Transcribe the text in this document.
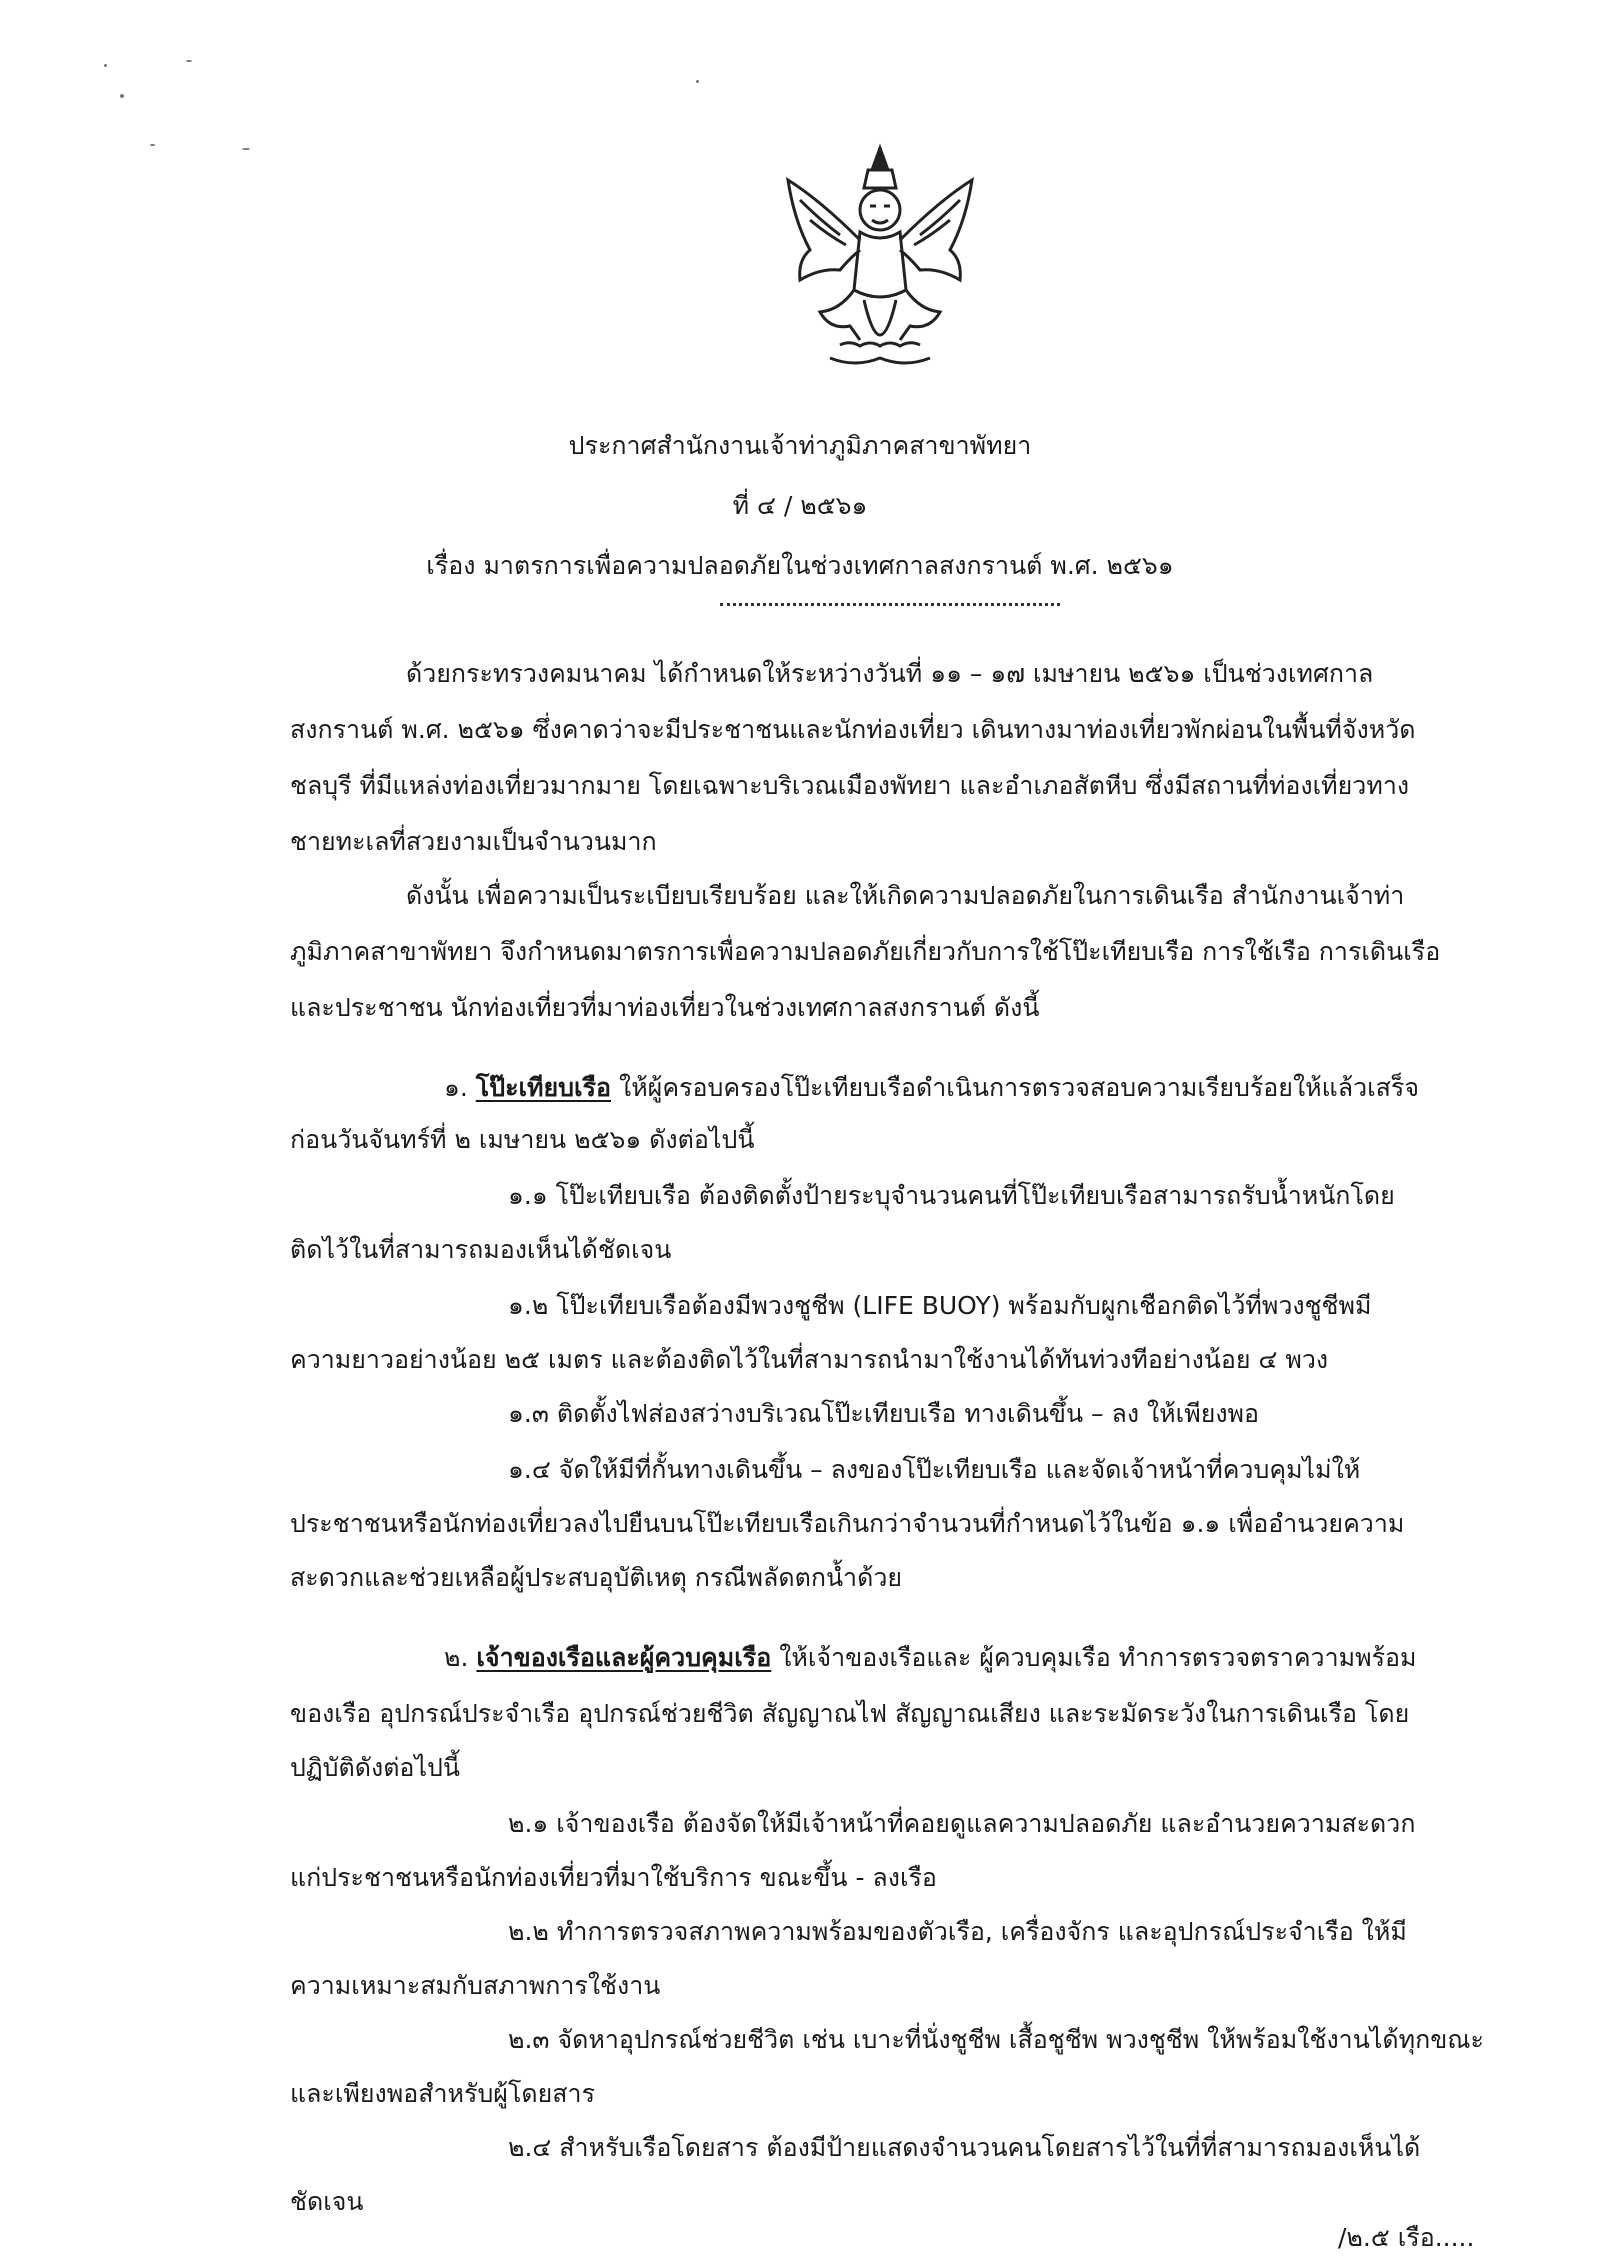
ประกาศสำนักงานเจ้าท่าภูมิภาคสาขาพัทยา
ที่ ๔ / ๒๕๖๑
เรื่อง มาตรการเพื่อความปลอดภัยในช่วงเทศกาลสงกรานต์ พ.ศ. ๒๕๖๑
ด้วยกระทรวงคมนาคม ได้กำหนดให้ระหว่างวันที่ ๑๑ – ๑๗ เมษายน ๒๕๖๑ เป็นช่วงเทศกาล
สงกรานต์ พ.ศ. ๒๕๖๑ ซึ่งคาดว่าจะมีประชาชนและนักท่องเที่ยว เดินทางมาท่องเที่ยวพักผ่อนในพื้นที่จังหวัด
ชลบุรี ที่มีแหล่งท่องเที่ยวมากมาย โดยเฉพาะบริเวณเมืองพัทยา และอำเภอสัตหีบ ซึ่งมีสถานที่ท่องเที่ยวทาง
ชายทะเลที่สวยงามเป็นจำนวนมาก
ดังนั้น เพื่อความเป็นระเบียบเรียบร้อย และให้เกิดความปลอดภัยในการเดินเรือ สำนักงานเจ้าท่า
ภูมิภาคสาขาพัทยา จึงกำหนดมาตรการเพื่อความปลอดภัยเกี่ยวกับการใช้โป๊ะเทียบเรือ การใช้เรือ การเดินเรือ
และประชาชน นักท่องเที่ยวที่มาท่องเที่ยวในช่วงเทศกาลสงกรานต์ ดังนี้
๑. โป๊ะเทียบเรือ ให้ผู้ครอบครองโป๊ะเทียบเรือดำเนินการตรวจสอบความเรียบร้อยให้แล้วเสร็จ
ก่อนวันจันทร์ที่ ๒ เมษายน ๒๕๖๑ ดังต่อไปนี้
๑.๑ โป๊ะเทียบเรือ ต้องติดตั้งป้ายระบุจำนวนคนที่โป๊ะเทียบเรือสามารถรับน้ำหนักโดย
ติดไว้ในที่สามารถมองเห็นได้ชัดเจน
๑.๒ โป๊ะเทียบเรือต้องมีพวงชูชีพ (LIFE BUOY) พร้อมกับผูกเชือกติดไว้ที่พวงชูชีพมี
ความยาวอย่างน้อย ๒๕ เมตร และต้องติดไว้ในที่สามารถนำมาใช้งานได้ทันท่วงทีอย่างน้อย ๔ พวง
๑.๓ ติดตั้งไฟส่องสว่างบริเวณโป๊ะเทียบเรือ ทางเดินขึ้น – ลง ให้เพียงพอ
๑.๔ จัดให้มีที่กั้นทางเดินขึ้น – ลงของโป๊ะเทียบเรือ และจัดเจ้าหน้าที่ควบคุมไม่ให้
ประชาชนหรือนักท่องเที่ยวลงไปยืนบนโป๊ะเทียบเรือเกินกว่าจำนวนที่กำหนดไว้ในข้อ ๑.๑ เพื่ออำนวยความ
สะดวกและช่วยเหลือผู้ประสบอุบัติเหตุ กรณีพลัดตกน้ำด้วย
๒. เจ้าของเรือและผู้ควบคุมเรือ ให้เจ้าของเรือและ ผู้ควบคุมเรือ ทำการตรวจตราความพร้อม
ของเรือ อุปกรณ์ประจำเรือ อุปกรณ์ช่วยชีวิต สัญญาณไฟ สัญญาณเสียง และระมัดระวังในการเดินเรือ โดย
ปฏิบัติดังต่อไปนี้
๒.๑ เจ้าของเรือ ต้องจัดให้มีเจ้าหน้าที่คอยดูแลความปลอดภัย และอำนวยความสะดวก
แก่ประชาชนหรือนักท่องเที่ยวที่มาใช้บริการ ขณะขึ้น - ลงเรือ
๒.๒ ทำการตรวจสภาพความพร้อมของตัวเรือ, เครื่องจักร และอุปกรณ์ประจำเรือ ให้มี
ความเหมาะสมกับสภาพการใช้งาน
๒.๓ จัดหาอุปกรณ์ช่วยชีวิต เช่น เบาะที่นั่งชูชีพ เสื้อชูชีพ พวงชูชีพ ให้พร้อมใช้งานได้ทุกขณะ
และเพียงพอสำหรับผู้โดยสาร
๒.๔ สำหรับเรือโดยสาร ต้องมีป้ายแสดงจำนวนคนโดยสารไว้ในที่ที่สามารถมองเห็นได้
ชัดเจน
/๒.๕ เรือ.....
